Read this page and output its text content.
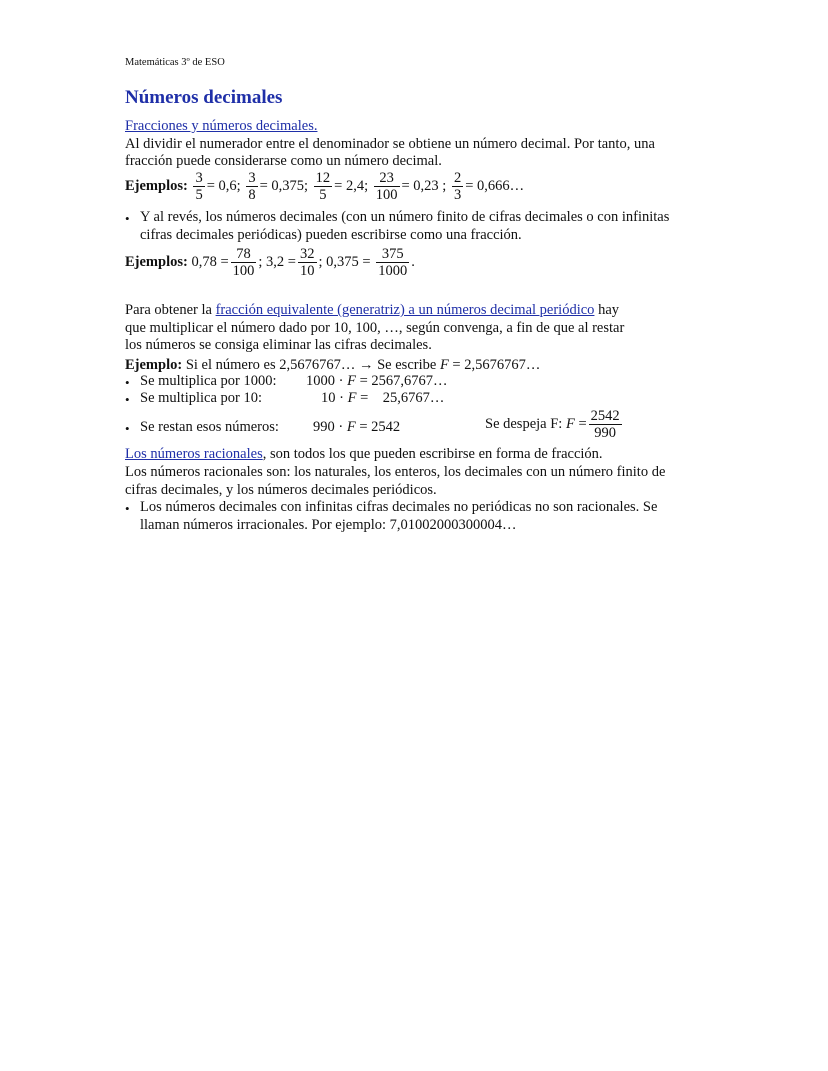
Matemáticas 3º de ESO
Números decimales
Fracciones y números decimales.
Al dividir el numerador entre el denominador se obtiene un número decimal. Por tanto, una
fracción puede considerarse como un número decimal.
Ejemplos: $\frac{3}{5} = 0,6$; $\frac{3}{8} = 0,375$; $\frac{12}{5} = 2,4$; $\frac{23}{100} = 0,23$ ; $\frac{2}{3}$ = 0,666…
• Y al revés, los números decimales (con un número finito de cifras decimales o con infinitas
cifras decimales periódicas) pueden escribirse como una fracción.
Ejemplos: $0,78 = \frac{78}{100}$ ; $3,2 = \frac{32}{10}$ ; $0,375 = \frac{375}{1000}$ .
Para obtener la fracción equivalente (generatriz) a un números decimal periódico hay
que multiplicar el número dado por 10, 100, …, según convenga, a fin de que al restar
los números se consiga eliminar las cifras decimales.
Ejemplo: Si el número es 2,5676767… → Se escribe F = 2,5676767…
• Se multiplica por 1000: 1000 · F = 2567,6767…
• Se multiplica por 10:	10 · F =    25,6767…
• Se restan esos números: 990 · F = 2542	Se despeja F: $F = \frac{2542}{990}$
Los números racionales, son todos los que pueden escribirse en forma de fracción.
Los números racionales son: los naturales, los enteros, los decimales con un número finito de
cifras decimales, y los números decimales periódicos.
• Los números decimales con infinitas cifras decimales no periódicas no son racionales. Se
llaman números irracionales. Por ejemplo: 7,01002000300004…
